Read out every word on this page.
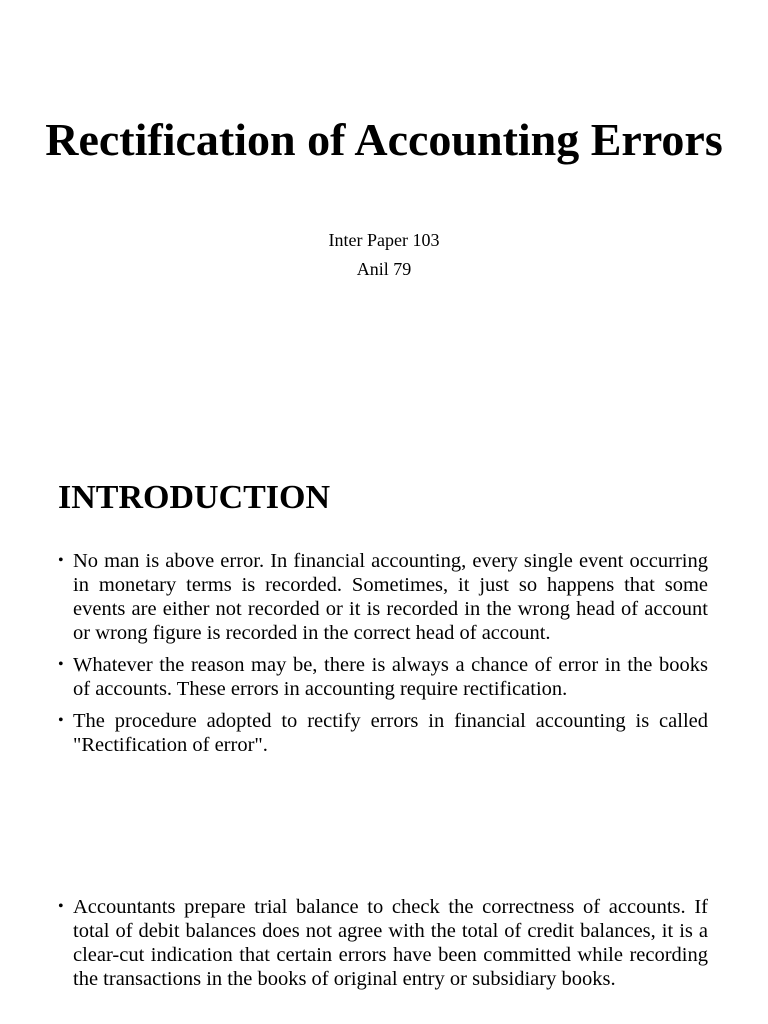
Rectification of Accounting Errors

Inter Paper 103

Anil 79

INTRODUCTION
• No man is above error. In financial accounting, every single event occurring in monetary terms is recorded. Sometimes, it just so happens that some events are either not recorded or it is recorded in the wrong head of account or wrong figure is recorded in the correct head of account.
• Whatever the reason may be, there is always a chance of error in the books of accounts. These errors in accounting require rectification.
• The procedure adopted to rectify errors in financial accounting is called "Rectification of error".
• Accountants prepare trial balance to check the correctness of accounts. If total of debit balances does not agree with the total of credit balances, it is a clear-cut indication that certain errors have been committed while recording the transactions in the books of original entry or subsidiary books.
